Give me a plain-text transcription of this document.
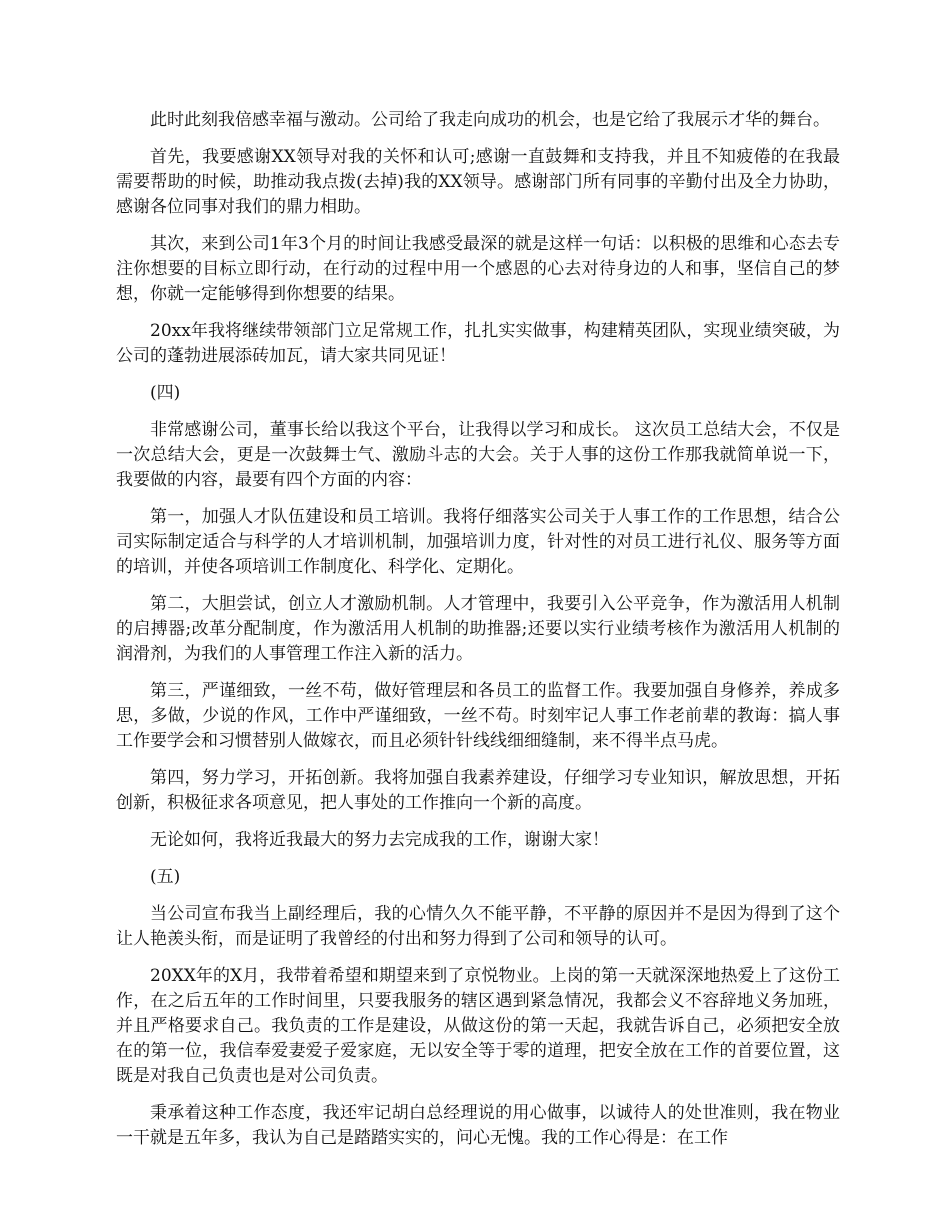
此时此刻我倍感幸福与激动。公司给了我走向成功的机会，也是它给了我展示才华的舞台。

首先，我要感谢XX领导对我的关怀和认可;感谢一直鼓舞和支持我，并且不知疲倦的在我最需要帮助的时候，助推动我点拨(去掉)我的XX领导。感谢部门所有同事的辛勤付出及全力协助，感谢各位同事对我们的鼎力相助。

其次，来到公司1年3个月的时间让我感受最深的就是这样一句话：以积极的思维和心态去专注你想要的目标立即行动，在行动的过程中用一个感恩的心去对待身边的人和事，坚信自己的梦想，你就一定能够得到你想要的结果。

20xx年我将继续带领部门立足常规工作，扎扎实实做事，构建精英团队，实现业绩突破，为公司的蓬勃进展添砖加瓦，请大家共同见证！

(四)

非常感谢公司，董事长给以我这个平台，让我得以学习和成长。 这次员工总结大会，不仅是一次总结大会，更是一次鼓舞士气、激励斗志的大会。关于人事的这份工作那我就简单说一下，我要做的内容，最要有四个方面的内容：

第一，加强人才队伍建设和员工培训。我将仔细落实公司关于人事工作的工作思想，结合公司实际制定适合与科学的人才培训机制，加强培训力度，针对性的对员工进行礼仪、服务等方面的培训，并使各项培训工作制度化、科学化、定期化。

第二，大胆尝试，创立人才激励机制。人才管理中，我要引入公平竞争，作为激活用人机制的启搏器;改革分配制度，作为激活用人机制的助推器;还要以实行业绩考核作为激活用人机制的润滑剂，为我们的人事管理工作注入新的活力。

第三，严谨细致，一丝不苟，做好管理层和各员工的监督工作。我要加强自身修养，养成多思，多做，少说的作风，工作中严谨细致，一丝不苟。时刻牢记人事工作老前辈的教诲：搞人事工作要学会和习惯替别人做嫁衣，而且必须针针线线细细缝制，来不得半点马虎。

第四，努力学习，开拓创新。我将加强自我素养建设，仔细学习专业知识，解放思想，开拓创新，积极征求各项意见，把人事处的工作推向一个新的高度。

无论如何，我将近我最大的努力去完成我的工作，谢谢大家！

(五)

当公司宣布我当上副经理后，我的心情久久不能平静，不平静的原因并不是因为得到了这个让人艳羡头衔，而是证明了我曾经的付出和努力得到了公司和领导的认可。

20XX年的X月，我带着希望和期望来到了京悦物业。上岗的第一天就深深地热爱上了这份工作，在之后五年的工作时间里，只要我服务的辖区遇到紧急情况，我都会义不容辞地义务加班，并且严格要求自己。我负责的工作是建设，从做这份的第一天起，我就告诉自己，必须把安全放在的第一位，我信奉爱妻爱子爱家庭，无以安全等于零的道理，把安全放在工作的首要位置，这既是对我自己负责也是对公司负责。

秉承着这种工作态度，我还牢记胡白总经理说的用心做事，以诚待人的处世准则，我在物业一干就是五年多，我认为自己是踏踏实实的，问心无愧。我的工作心得是：在工作
